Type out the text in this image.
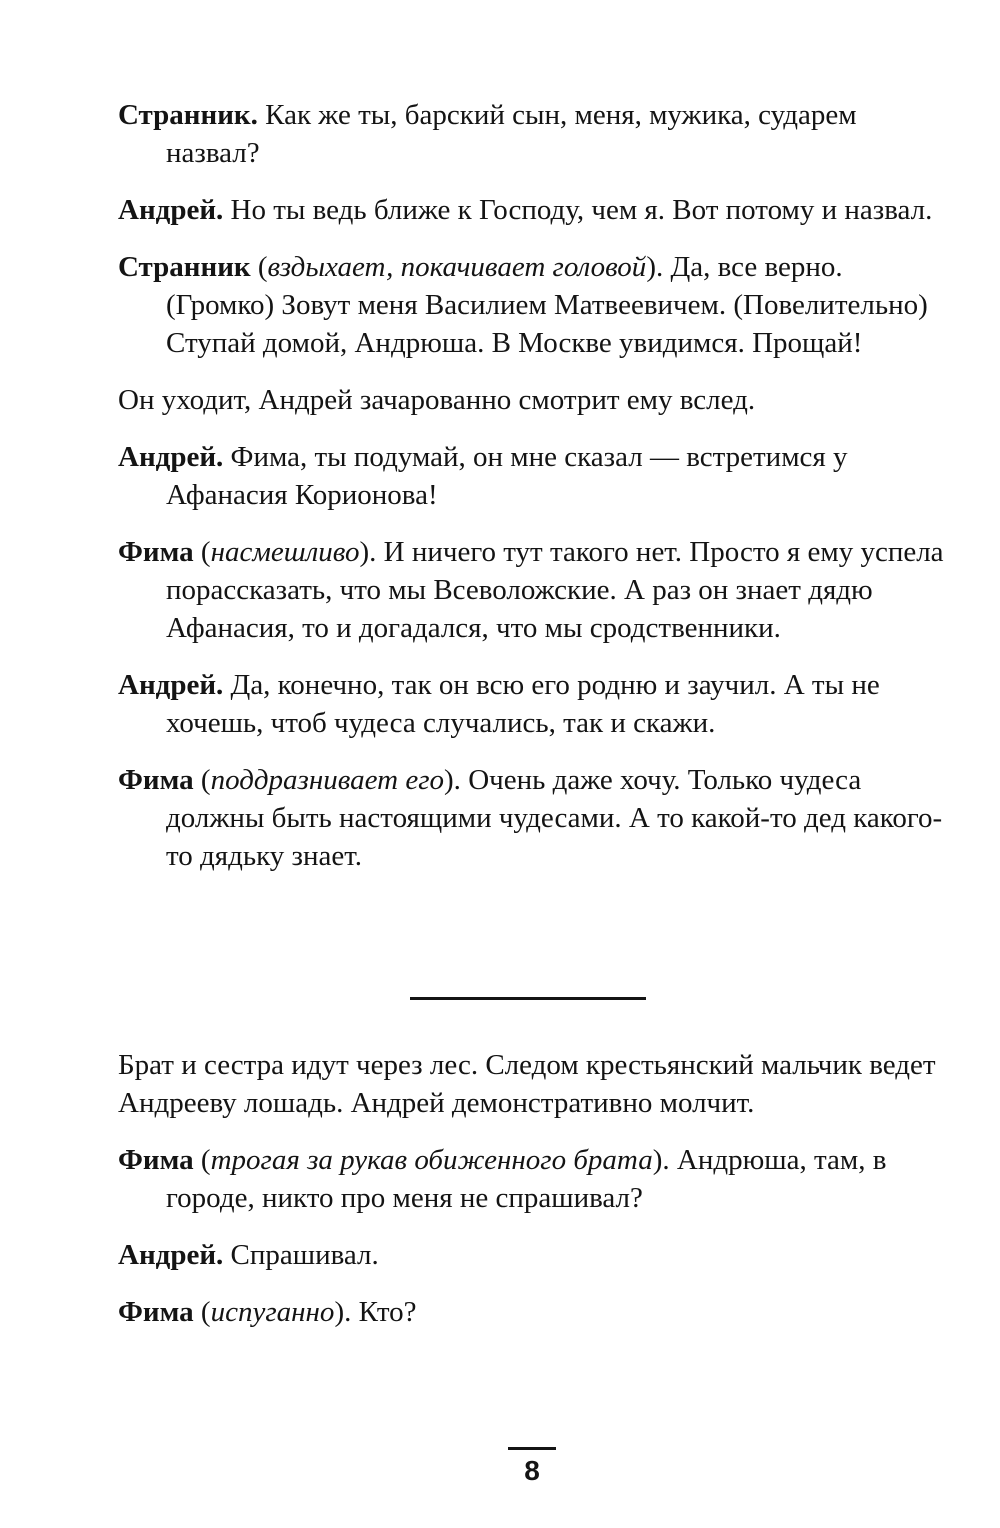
Странник. Как же ты, барский сын, меня, мужика, сударем назвал?

Андрей. Но ты ведь ближе к Господу, чем я. Вот потому и назвал.

Странник (вздыхает, покачивает головой). Да, все верно. (Громко) Зовут меня Василием Матвеевичем. (Повелительно) Ступай домой, Андрюша. В Москве увидимся. Прощай!

Он уходит, Андрей зачарованно смотрит ему вслед.

Андрей. Фима, ты подумай, он мне сказал — встретимся у Афанасия Корионова!

Фима (насмешливо). И ничего тут такого нет. Просто я ему успела порассказать, что мы Всеволожские. А раз он знает дядю Афанасия, то и догадался, что мы сродственники.

Андрей. Да, конечно, так он всю его родню и заучил. А ты не хочешь, чтоб чудеса случались, так и скажи.

Фима (поддразнивает его). Очень даже хочу. Только чудеса должны быть настоящими чудесами. А то какой-то дед какого-то дядьку знает.

Брат и сестра идут через лес. Следом крестьянский мальчик ведет Андрееву лошадь. Андрей демонстративно молчит.

Фима (трогая за рукав обиженного брата). Андрюша, там, в городе, никто про меня не спрашивал?

Андрей. Спрашивал.

Фима (испуганно). Кто?

8
